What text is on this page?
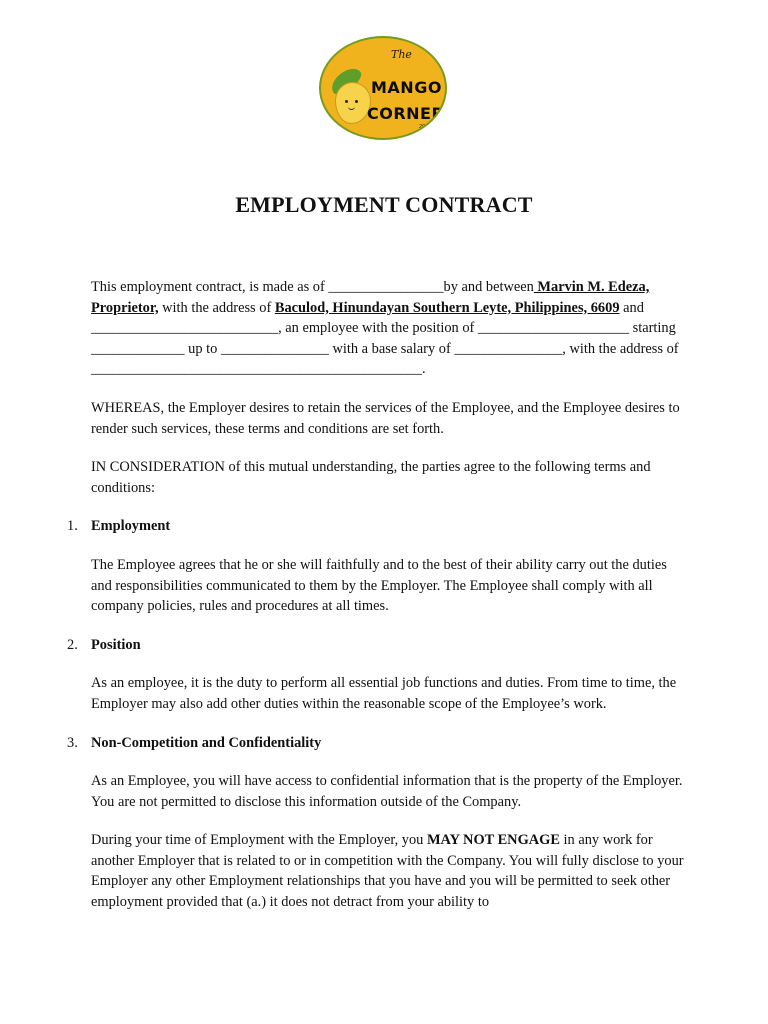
The
MANGO
CORNER
2025
EMPLOYMENT CONTRACT

This employment contract, is made as of ________________by and between Marvin M. Edeza, Proprietor, with the address of Baculod, Hinundayan Southern Leyte, Philippines, 6609 and __________________________, an employee with the position of _____________________ starting _____________ up to _______________ with a base salary of _______________, with the address of ______________________________________________.

WHEREAS, the Employer desires to retain the services of the Employee, and the Employee desires to render such services, these terms and conditions are set forth.

IN CONSIDERATION of this mutual understanding, the parties agree to the following terms and conditions:

1. Employment

The Employee agrees that he or she will faithfully and to the best of their ability carry out the duties and responsibilities communicated to them by the Employer. The Employee shall comply with all company policies, rules and procedures at all times.

2. Position

As an employee, it is the duty to perform all essential job functions and duties. From time to time, the Employer may also add other duties within the reasonable scope of the Employee’s work.

3. Non-Competition and Confidentiality

As an Employee, you will have access to confidential information that is the property of the Employer. You are not permitted to disclose this information outside of the Company.

During your time of Employment with the Employer, you MAY NOT ENGAGE in any work for another Employer that is related to or in competition with the Company. You will fully disclose to your Employer any other Employment relationships that you have and you will be permitted to seek other employment provided that (a.) it does not detract from your ability to
